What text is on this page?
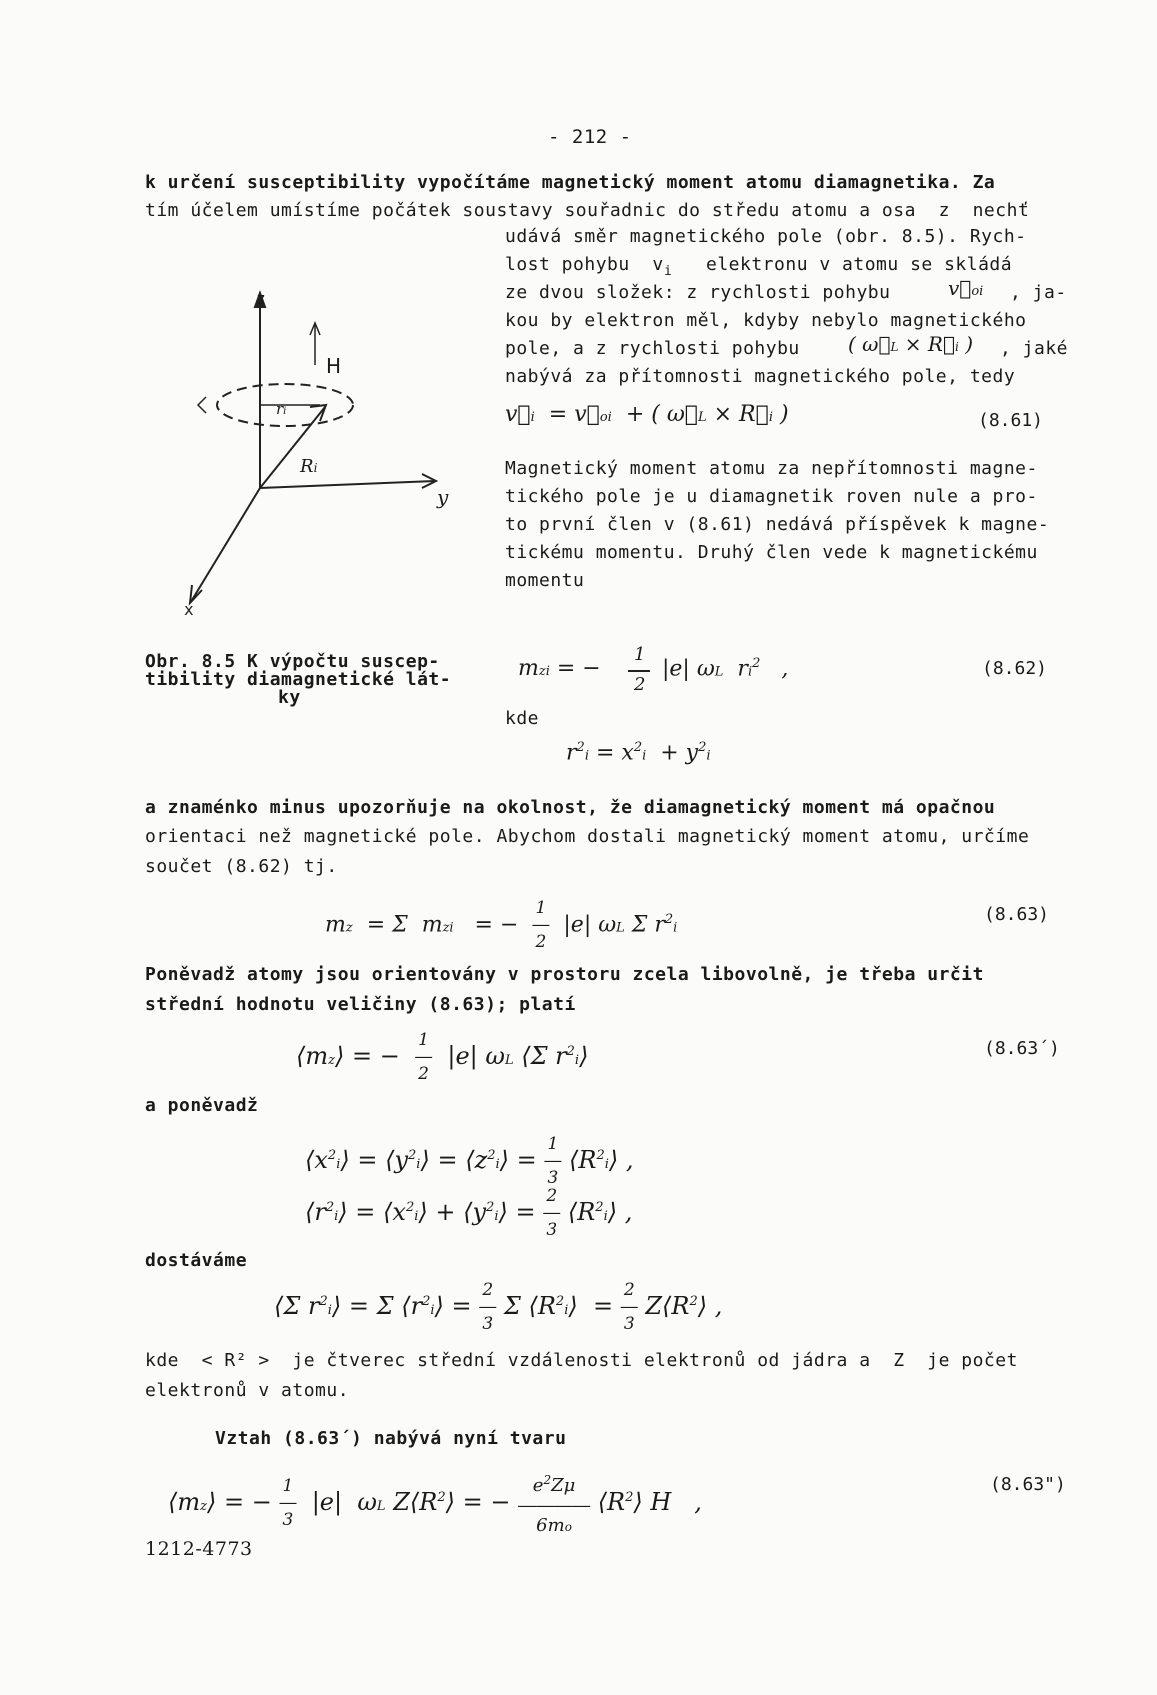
- 212 -
k určení susceptibility vypočítáme magnetický moment atomu diamagnetika. Za
tím účelem umístíme počátek soustavy souřadnic do středu atomu a osa  z  nechť
udává směr magnetického pole (obr. 8.5). Rych-
lost pohybu  v i elektronu v atomu se skládá
ze dvou složek: z rychlosti pohybu	v⃗oi , ja-
kou by elektron měl, kdyby nebylo magnetického
pole, a z rychlosti pohybu ( ω⃗L × R⃗i ) , jaké
nabývá za přítomnosti magnetického pole, tedy
v⃗i  = v⃗oi  + ( ω⃗L × R⃗i )	(8.61)
Magnetický moment atomu za nepřítomnosti magne-
tického pole je u diamagnetik roven nule a pro-
to první člen v (8.61) nedává příspěvek k magne-
tickému momentu. Druhý člen vede k magnetickému
momentu
z
y
x
H
ri
Ri
Obr. 8.5 K výpočtu suscep-
tibility diamagnetické lát-
ky
mzi = −
1
2
|e| ωL  $ri^2$   ,	(8.62)
kde
$r^2i = x^2i + y^2i$
a znaménko minus upozorňuje na okolnost, že diamagnetický moment má opačnou
orientaci než magnetické pole. Abychom dostali magnetický moment atomu, určíme
součet (8.62) tj.
mz  = Σ  mzi   = −  1
―
2  |e| ωL Σ $r^2i$
(8.63)
Poněvadž atomy jsou orientovány v prostoru zcela libovolně, je třeba určit
střední hodnotu veličiny (8.63); platí
⟨mz⟩ = −  1
―
2  |e| ωL ⟨Σ $r^2i⟩$	(8.63´)
a poněvadž
$⟨x^2i⟩$ = $⟨y^2i⟩$ = $⟨z^2i⟩ = 1$
―
3 $⟨R^2i⟩$ ,
$⟨r^2i⟩$ = $⟨x^2i⟩$ + $⟨y^2i⟩ = 2$
―
3 $⟨R^2i⟩$ ,
dostáváme
⟨Σ $r^2i⟩ = \Sigma$ $⟨r^2i⟩ = 2$
―
3 Σ $⟨R^2i⟩ = 2$
―
3 $Z⟨R^2⟩$ ,
kde  < R² >  je čtverec střední vzdálenosti elektronů od jádra a  Z  je počet
elektronů v atomu.
Vztah (8.63´) nabývá nyní tvaru
⟨mz⟩ = − 1
―
3  |e|  ωL $Z⟨R^2⟩$ = − $e^2Z\mu$
――――
6mo $⟨R^2⟩$ H   ,
(8.63")
1212-4773
